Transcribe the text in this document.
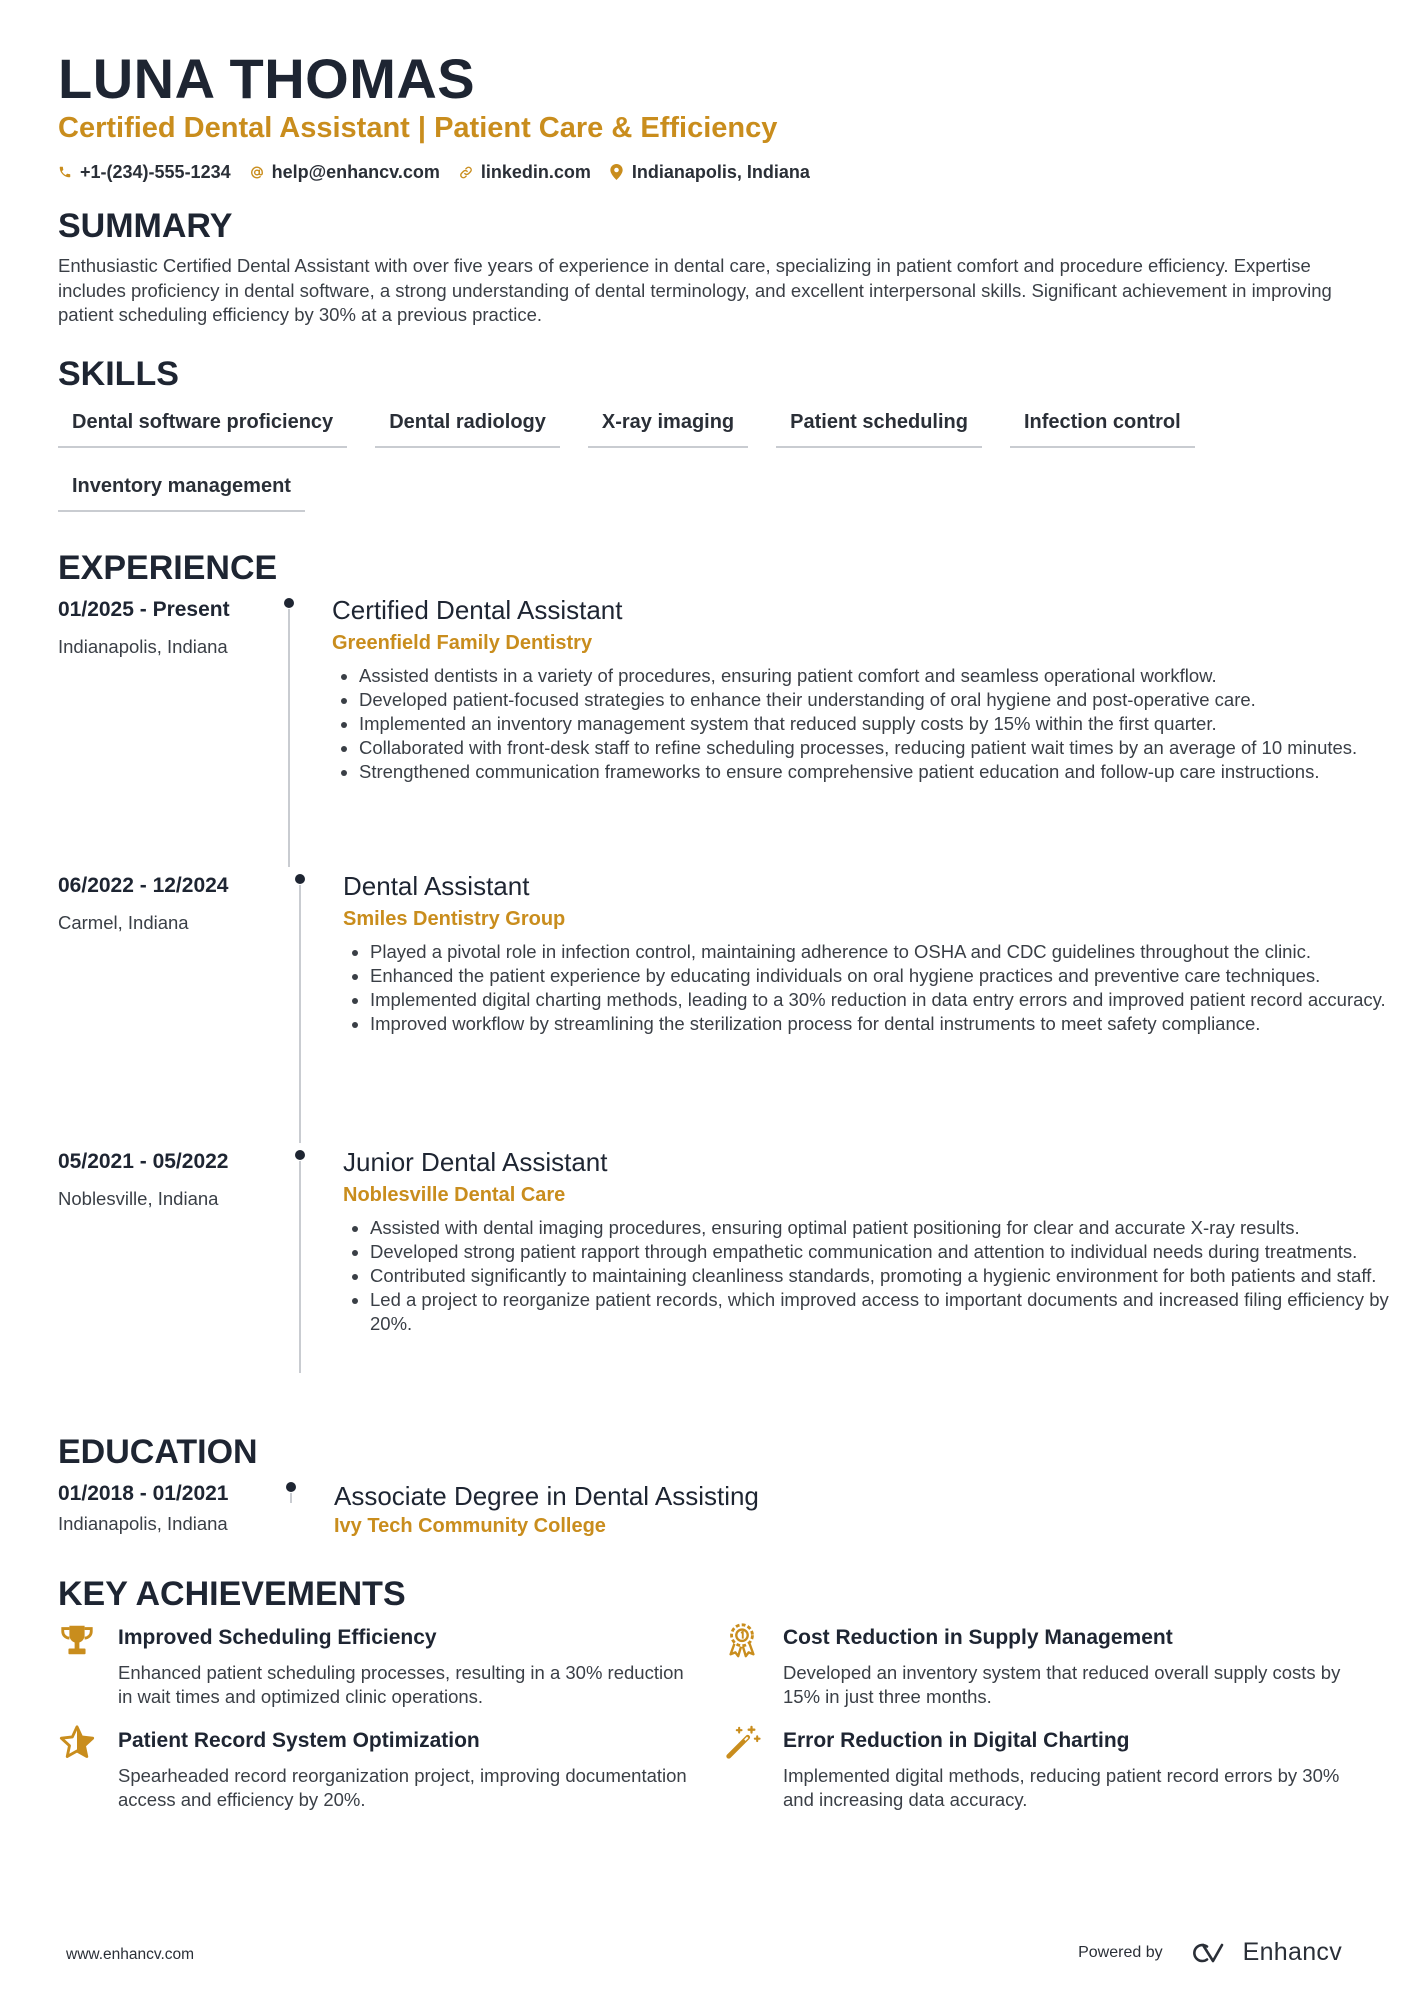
LUNA THOMAS
Certified Dental Assistant | Patient Care & Efficiency
+1-(234)-555-1234 help@enhancv.com linkedin.com Indianapolis, Indiana
SUMMARY

Enthusiastic Certified Dental Assistant with over five years of experience in dental care, specializing in patient comfort and procedure efficiency. Expertise includes proficiency in dental software, a strong understanding of dental terminology, and excellent interpersonal skills. Significant achievement in improving patient scheduling efficiency by 30% at a previous practice.

SKILLS
Dental software proficiency	Dental radiology	X-ray imaging	Patient scheduling	Infection control
Inventory management
EXPERIENCE
01/2025 - Present
Indianapolis, Indiana
Certified Dental Assistant
Greenfield Family Dentistry
• Assisted dentists in a variety of procedures, ensuring patient comfort and seamless operational workflow.
• Developed patient-focused strategies to enhance their understanding of oral hygiene and post-operative care.
• Implemented an inventory management system that reduced supply costs by 15% within the first quarter.
• Collaborated with front-desk staff to refine scheduling processes, reducing patient wait times by an average of 10 minutes.
• Strengthened communication frameworks to ensure comprehensive patient education and follow-up care instructions.
06/2022 - 12/2024
Carmel, Indiana
Dental Assistant
Smiles Dentistry Group
• Played a pivotal role in infection control, maintaining adherence to OSHA and CDC guidelines throughout the clinic.
• Enhanced the patient experience by educating individuals on oral hygiene practices and preventive care techniques.
• Implemented digital charting methods, leading to a 30% reduction in data entry errors and improved patient record accuracy.
• Improved workflow by streamlining the sterilization process for dental instruments to meet safety compliance.
05/2021 - 05/2022
Noblesville, Indiana
Junior Dental Assistant
Noblesville Dental Care
• Assisted with dental imaging procedures, ensuring optimal patient positioning for clear and accurate X-ray results.
• Developed strong patient rapport through empathetic communication and attention to individual needs during treatments.
• Contributed significantly to maintaining cleanliness standards, promoting a hygienic environment for both patients and staff.
• Led a project to reorganize patient records, which improved access to important documents and increased filing efficiency by 20%.
EDUCATION
01/2018 - 01/2021
Indianapolis, Indiana
Associate Degree in Dental Assisting
Ivy Tech Community College
KEY ACHIEVEMENTS
Improved Scheduling Efficiency

Enhanced patient scheduling processes, resulting in a 30% reduction in wait times and optimized clinic operations.

Cost Reduction in Supply Management

Developed an inventory system that reduced overall supply costs by 15% in just three months.

Patient Record System Optimization

Spearheaded record reorganization project, improving documentation access and efficiency by 20%.

Error Reduction in Digital Charting

Implemented digital methods, reducing patient record errors by 30% and increasing data accuracy.

www.enhancv.com	Powered by	Enhancv
